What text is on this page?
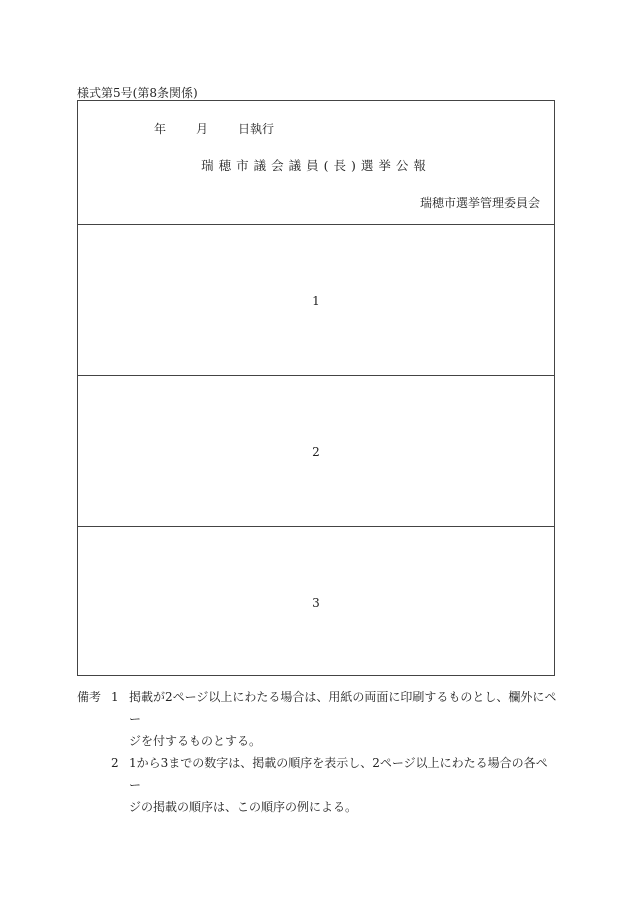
様式第5号(第8条関係)
年	月	日執行
瑞穂市議会議員(長)選挙公報
瑞穂市選挙管理委員会
1
2
3
備考 1 掲載が2ページ以上にわたる場合は、用紙の両面に印刷するものとし、欄外にペー
ジを付するものとする。

2 1から3までの数字は、掲載の順序を表示し、2ページ以上にわたる場合の各ペー
ジの掲載の順序は、この順序の例による。
